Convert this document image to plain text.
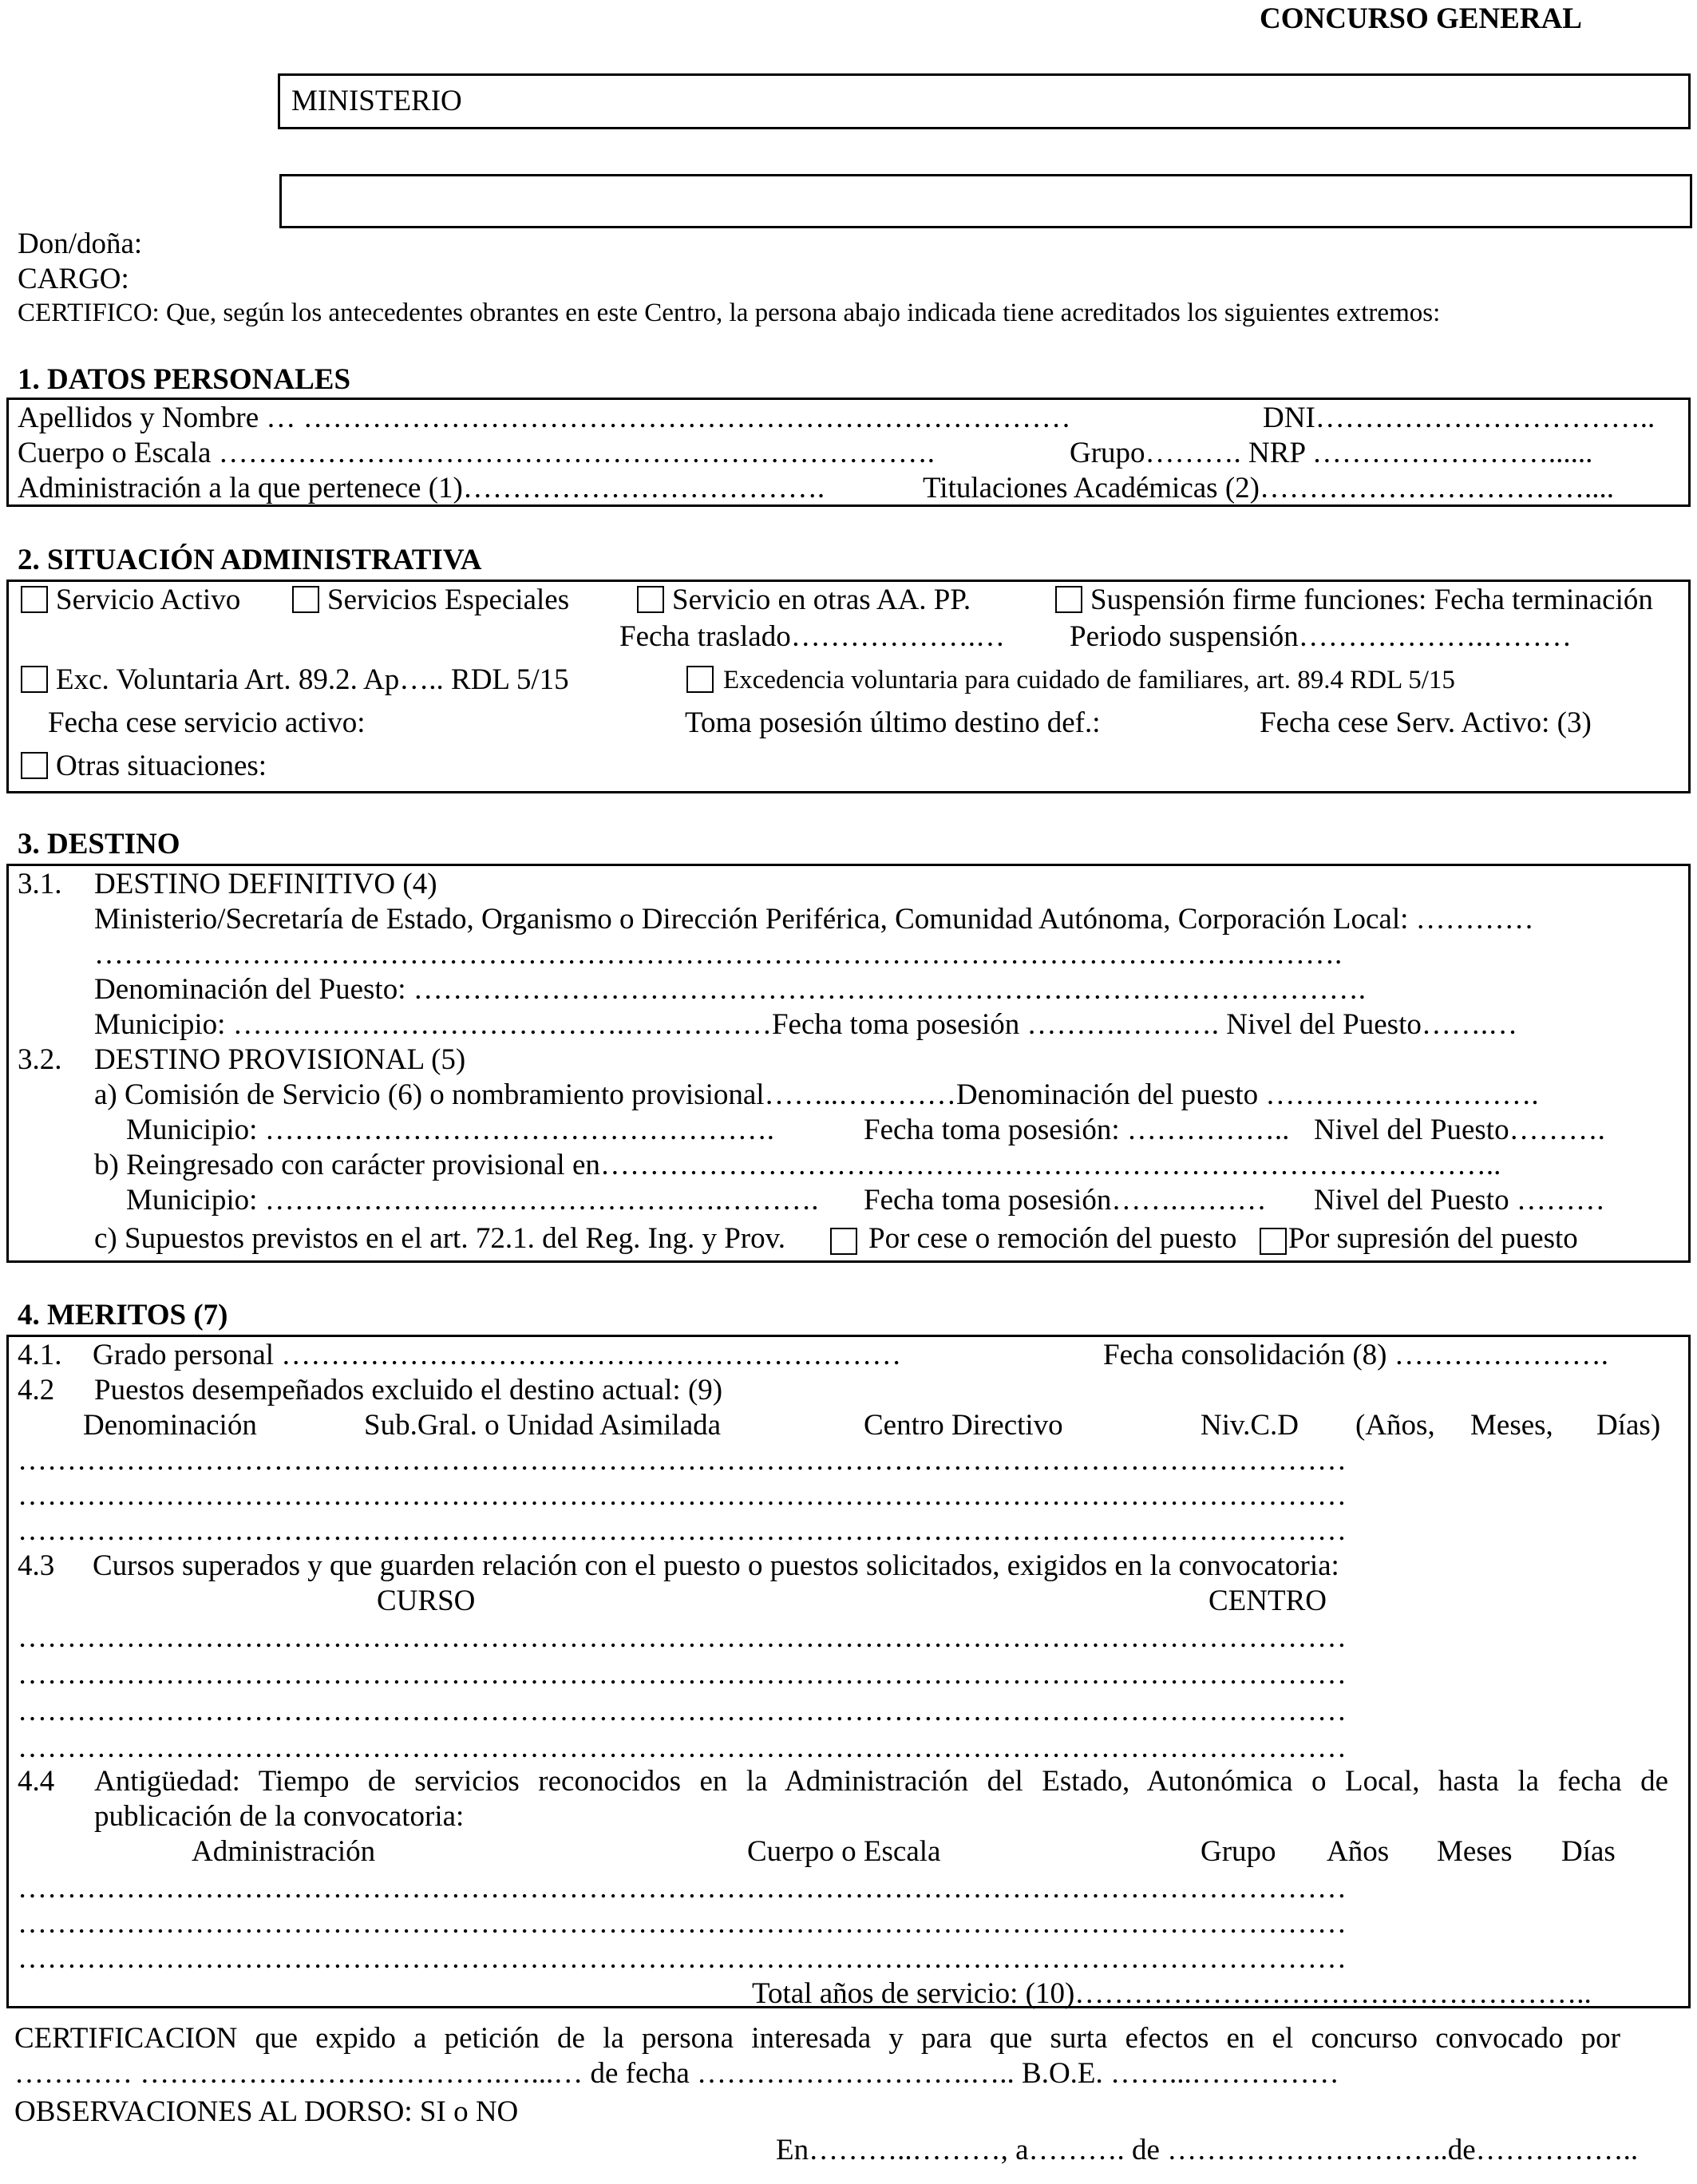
CONCURSO GENERAL
MINISTERIO
Don/doña:
CARGO:
CERTIFICO: Que, según los antecedentes obrantes en este Centro, la persona abajo indicada tiene acreditados los siguientes extremos:
1. DATOS PERSONALES
Apellidos y Nombre … ……………………………………………………………………	DNI……………………………..
Cuerpo o Escala ……………………………………………………………….	Grupo………. NRP ……………………......
Administración a la que pertenece (1)……………………………….	Titulaciones Académicas (2)……………………………....
2. SITUACIÓN ADMINISTRATIVA
Servicio Activo	Servicios Especiales	Servicio en otras AA. PP.	Suspensión firme funciones: Fecha terminación
Fecha traslado……………….… Periodo suspensión……………….………
Exc. Voluntaria Art. 89.2. Ap….. RDL 5/15	Excedencia voluntaria para cuidado de familiares, art. 89.4 RDL 5/15
Fecha cese servicio activo:	Toma posesión último destino def.:	Fecha cese Serv. Activo: (3)
Otras situaciones:
3. DESTINO
3.1. DESTINO DEFINITIVO (4)
Ministerio/Secretaría de Estado, Organismo o Dirección Periférica, Comunidad Autónoma, Corporación Local: …………
……………………………………………………………………………………………………………….
Denominación del Puesto: …………………………………………………………………………………….
Municipio: ………………………………….……………Fecha toma posesión ……….………. Nivel del Puesto…….…
3.2. DESTINO PROVISIONAL (5)
a) Comisión de Servicio (6) o nombramiento provisional……..…………Denominación del puesto ……………………….
Municipio: …………………………………………….	Fecha toma posesión: …………….. Nivel del Puesto……….
b) Reingresado con carácter provisional en………………………………………………………………………………..
Municipio: ……………….……………………….………. Fecha toma posesión…….……… Nivel del Puesto ………
c) Supuestos previstos en el art. 72.1. del Reg. Ing. y Prov.	Por cese o remoción del puesto Por supresión del puesto
4. MERITOS (7)
4.1. Grado personal ………………………………………………………	Fecha consolidación (8) ………………….
4.2 Puestos desempeñados excluido el destino actual: (9)
Denominación	Sub.Gral. o Unidad Asimilada	Centro Directivo	Niv.C.D (Años, Meses, Días)
………………………………………………………………………………………………………………………
………………………………………………………………………………………………………………………
………………………………………………………………………………………………………………………
4.3 Cursos superados y que guarden relación con el puesto o puestos solicitados, exigidos en la convocatoria:
CURSO	CENTRO
………………………………………………………………………………………………………………………
………………………………………………………………………………………………………………………
………………………………………………………………………………………………………………………
………………………………………………………………………………………………………………………
4.4 Antigüedad: Tiempo de servicios reconocidos en la Administración del Estado, Autonómica o Local, hasta la fecha de
publicación de la convocatoria:
Administración	Cuerpo o Escala	Grupo Años Meses Días
………………………………………………………………………………………………………………………
………………………………………………………………………………………………………………………
………………………………………………………………………………………………………………………
Total años de servicio: (10)……………………………………………..
CERTIFICACION que expido a petición de la persona interesada y para que surta efectos en el concurso convocado por
………… ……………………………….…...… de fecha ……………………….….. B.O.E. ……...……………
OBSERVACIONES AL DORSO: SI o NO
En………..………, a………. de ………………………..de……………..
